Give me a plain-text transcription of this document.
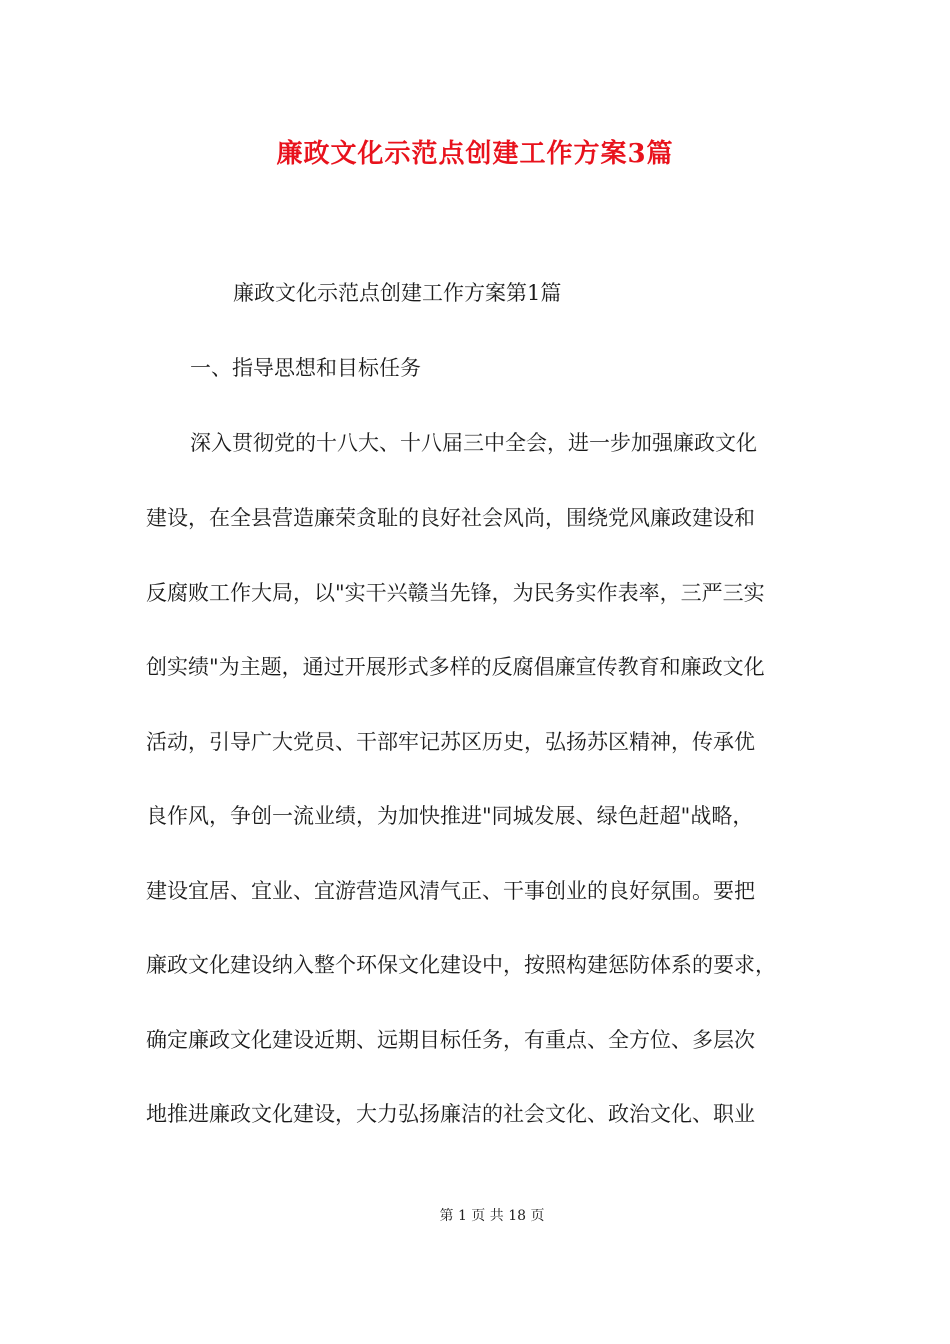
廉政文化示范点创建工作方案3篇
廉政文化示范点创建工作方案第1篇
一、指导思想和目标任务
深入贯彻党的十八大、十八届三中全会，进一步加强廉政文化
建设，在全县营造廉荣贪耻的良好社会风尚，围绕党风廉政建设和
反腐败工作大局，以"实干兴赣当先锋，为民务实作表率，三严三实
创实绩"为主题，通过开展形式多样的反腐倡廉宣传教育和廉政文化
活动，引导广大党员、干部牢记苏区历史，弘扬苏区精神，传承优
良作风，争创一流业绩，为加快推进"同城发展、绿色赶超"战略，
建设宜居、宜业、宜游营造风清气正、干事创业的良好氛围。要把
廉政文化建设纳入整个环保文化建设中，按照构建惩防体系的要求，
确定廉政文化建设近期、远期目标任务，有重点、全方位、多层次
地推进廉政文化建设，大力弘扬廉洁的社会文化、政治文化、职业
第 1 页 共 18 页
